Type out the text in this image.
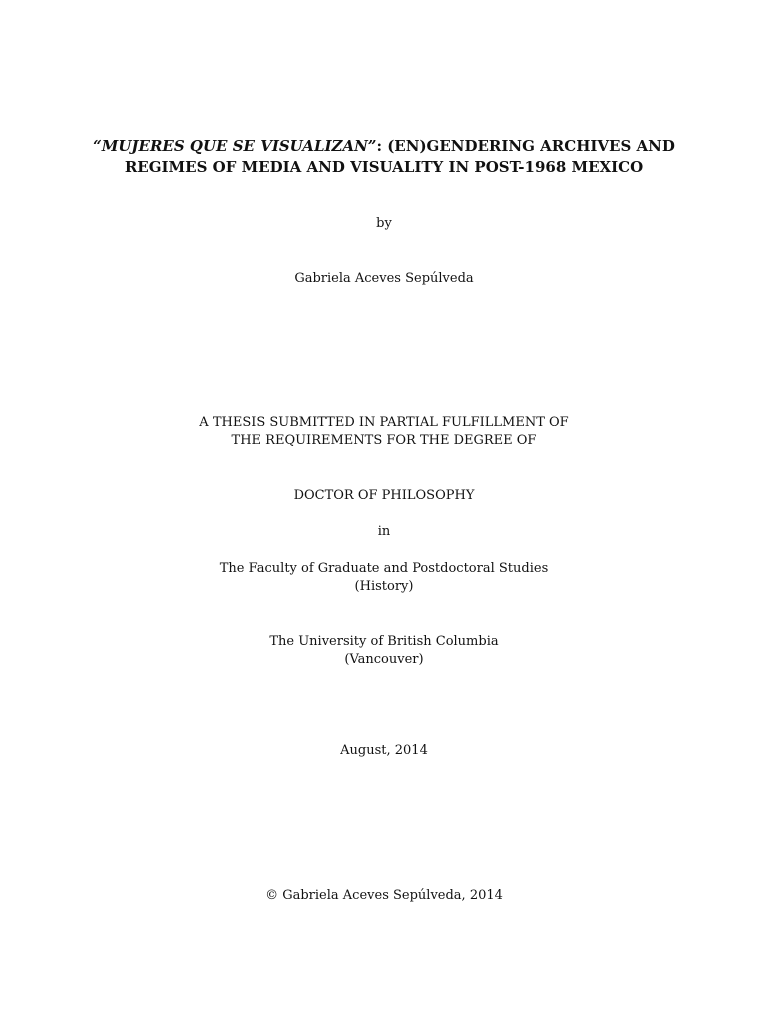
“MUJERES QUE SE VISUALIZAN”: (EN)GENDERING ARCHIVES AND
REGIMES OF MEDIA AND VISUALITY IN POST-1968 MEXICO
by
Gabriela Aceves Sepúlveda
A THESIS SUBMITTED IN PARTIAL FULFILLMENT OF
THE REQUIREMENTS FOR THE DEGREE OF
DOCTOR OF PHILOSOPHY
in
The Faculty of Graduate and Postdoctoral Studies
(History)
The University of British Columbia
(Vancouver)
August, 2014
© Gabriela Aceves Sepúlveda, 2014
